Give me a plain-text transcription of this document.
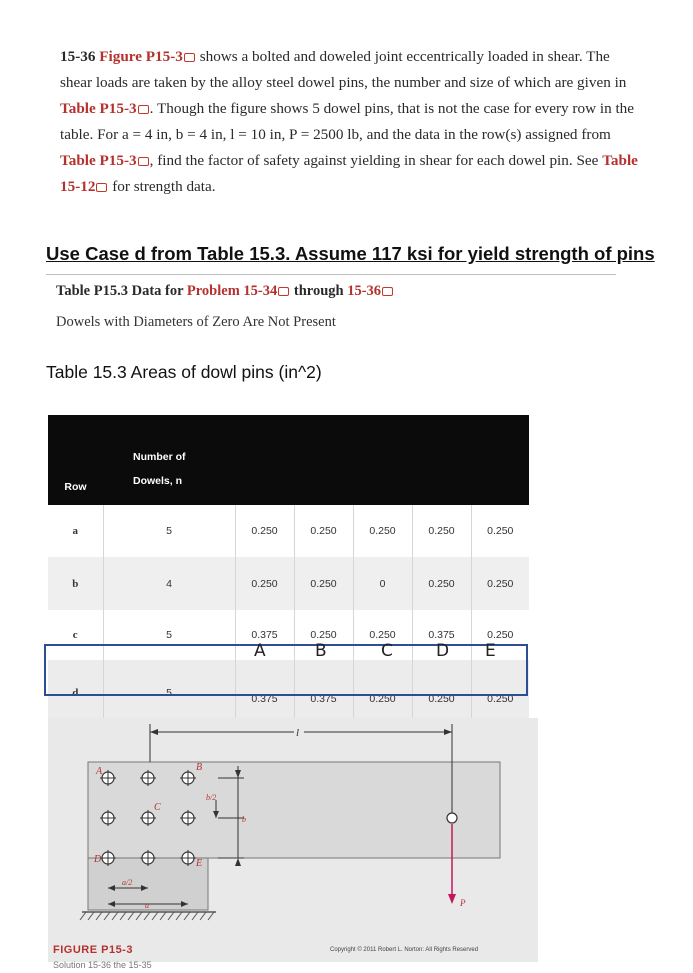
15-36 Figure P15-3 shows a bolted and doweled joint eccentrically loaded in shear. The shear loads are taken by the alloy steel dowel pins, the number and size of which are given in Table P15-3 . Though the figure shows 5 dowel pins, that is not the case for every row in the table. For a = 4 in, b = 4 in, l = 10 in, P = 2500 lb, and the data in the row(s) assigned from Table P15-3 , find the factor of safety against yielding in shear for each dowel pin. See Table 15-12 for strength data.

Use Case d from Table 15.3. Assume 117 ksi for yield strength of pins
Table P15.3 Data for Problem 15-34 through 15-36
Dowels with Diameters of Zero Are Not Present
Table 15.3 Areas of dowl pins (in^2)
Row	Number of
Dowels, n					
a	5	0.250	0.250	0.250	0.250	0.250
b	4	0.250	0.250	0	0.250	0.250
c	5	0.375	0.250	0.250	0.375	0.250
d	5	0.375	0.375	0.250	0.250	0.250
A	B	C	D E
l
A	B
C
D	E
b/2
b
a/2
a	P
FIGURE P15-3	Copyright © 2011 Robert L. Norton: All Rights Reserved
Solution 15-36 the 15-35
